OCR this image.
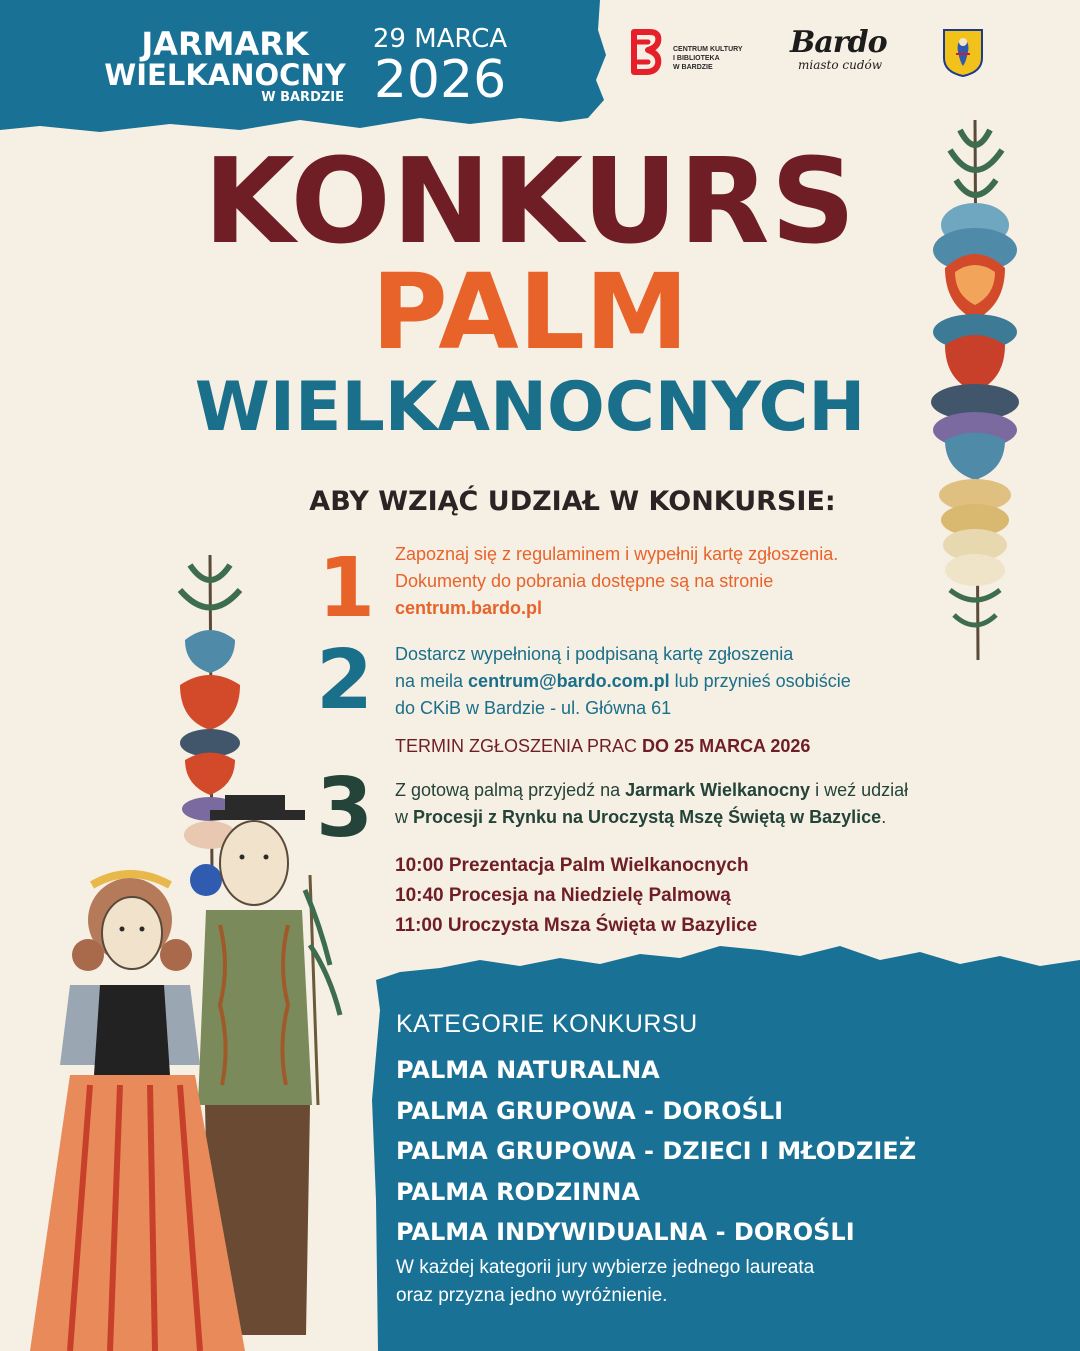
JARMARK
WIELKANOCNY
W BARDZIE
29 MARCA
2026
CENTRUM KULTURY
I BIBLIOTEKA
W BARDZIE
Bardo
miasto cudów
KONKURS
PALM
WIELKANOCNYCH
ABY WZIĄĆ UDZIAŁ W KONKURSIE:
1 Zapoznaj się z regulaminem i wypełnij kartę zgłoszenia.
Dokumenty do pobrania dostępne są na stronie
centrum.bardo.pl
2 Dostarcz wypełnioną i podpisaną kartę zgłoszenia
na meila centrum@bardo.com.pl lub przynieś osobiście
do CKiB w Bardzie - ul. Główna 61
TERMIN ZGŁOSZENIA PRAC DO 25 MARCA 2026
3 Z gotową palmą przyjedź na Jarmark Wielkanocny i weź udział
w Procesji z Rynku na Uroczystą Mszę Świętą w Bazylice.
10:00 Prezentacja Palm Wielkanocnych
10:40 Procesja na Niedzielę Palmową
11:00 Uroczysta Msza Święta w Bazylice
KATEGORIE KONKURSU
PALMA NATURALNA
PALMA GRUPOWA - DOROŚLI
PALMA GRUPOWA - DZIECI I MŁODZIEŻ
PALMA RODZINNA
PALMA INDYWIDUALNA - DOROŚLI
W każdej kategorii jury wybierze jednego laureata
oraz przyzna jedno wyróżnienie.
